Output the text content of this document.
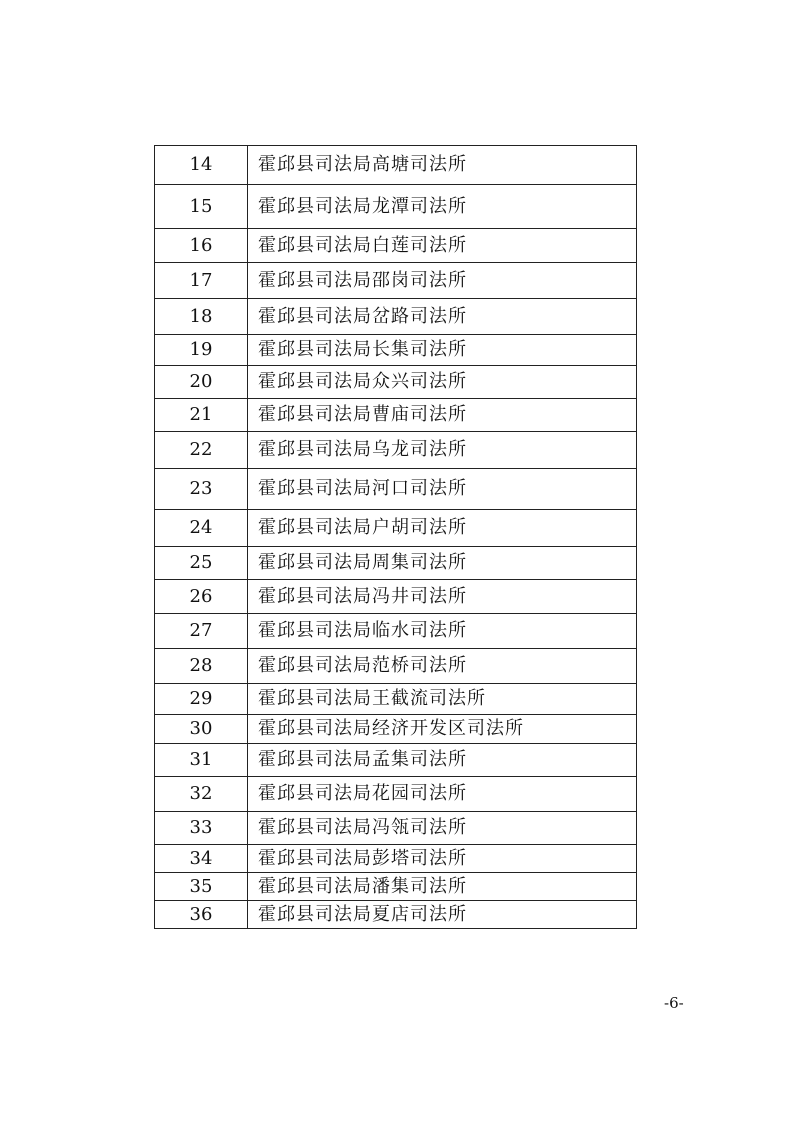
14	霍邱县司法局高塘司法所
15	霍邱县司法局龙潭司法所
16	霍邱县司法局白莲司法所
17	霍邱县司法局邵岗司法所
18	霍邱县司法局岔路司法所
19	霍邱县司法局长集司法所
20	霍邱县司法局众兴司法所
21	霍邱县司法局曹庙司法所
22	霍邱县司法局乌龙司法所
23	霍邱县司法局河口司法所
24	霍邱县司法局户胡司法所
25	霍邱县司法局周集司法所
26	霍邱县司法局冯井司法所
27	霍邱县司法局临水司法所
28	霍邱县司法局范桥司法所
29	霍邱县司法局王截流司法所
30	霍邱县司法局经济开发区司法所
31	霍邱县司法局孟集司法所
32	霍邱县司法局花园司法所
33	霍邱县司法局冯瓴司法所
34	霍邱县司法局彭塔司法所
35	霍邱县司法局潘集司法所
36	霍邱县司法局夏店司法所
-6-
